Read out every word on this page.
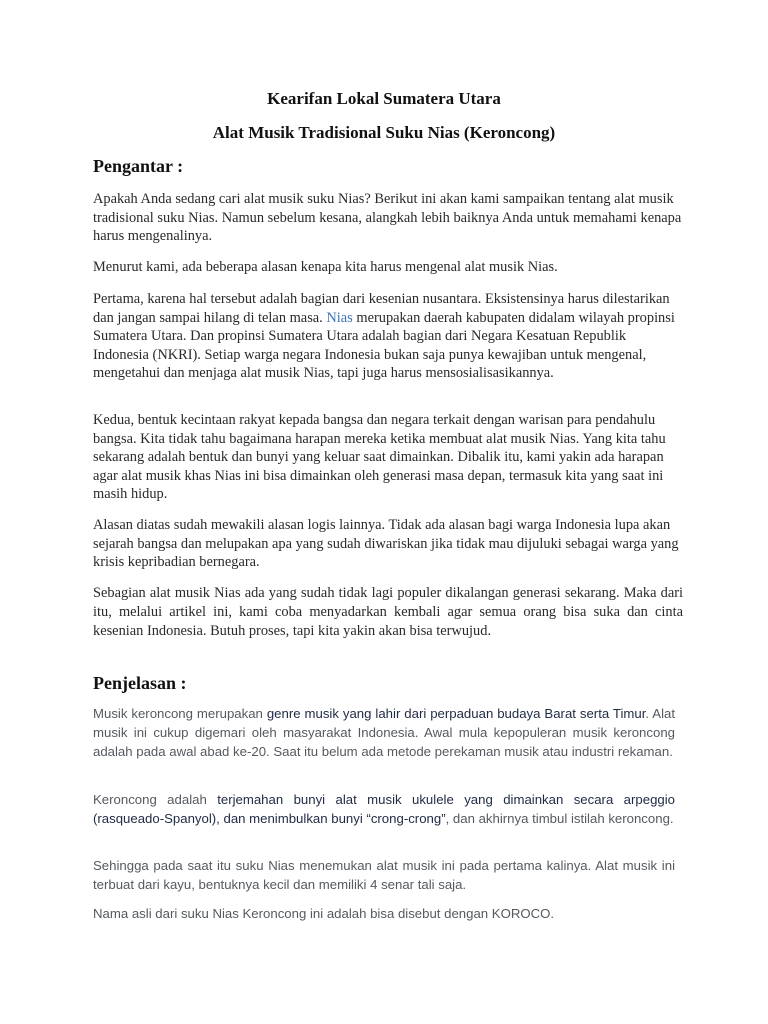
Kearifan Lokal Sumatera Utara
Alat Musik Tradisional Suku Nias (Keroncong)
Pengantar :

Apakah Anda sedang cari alat musik suku Nias? Berikut ini akan kami sampaikan tentang alat musik tradisional suku Nias. Namun sebelum kesana, alangkah lebih baiknya Anda untuk memahami kenapa harus mengenalinya.

Menurut kami, ada beberapa alasan kenapa kita harus mengenal alat musik Nias.

Pertama, karena hal tersebut adalah bagian dari kesenian nusantara. Eksistensinya harus dilestarikan dan jangan sampai hilang di telan masa. Nias merupakan daerah kabupaten didalam wilayah propinsi Sumatera Utara. Dan propinsi Sumatera Utara adalah bagian dari Negara Kesatuan Republik Indonesia (NKRI). Setiap warga negara Indonesia bukan saja punya kewajiban untuk mengenal, mengetahui dan menjaga alat musik Nias, tapi juga harus mensosialisasikannya.

Kedua, bentuk kecintaan rakyat kepada bangsa dan negara terkait dengan warisan para pendahulu bangsa. Kita tidak tahu bagaimana harapan mereka ketika membuat alat musik Nias. Yang kita tahu sekarang adalah bentuk dan bunyi yang keluar saat dimainkan. Dibalik itu, kami yakin ada harapan agar alat musik khas Nias ini bisa dimainkan oleh generasi masa depan, termasuk kita yang saat ini masih hidup.

Alasan diatas sudah mewakili alasan logis lainnya. Tidak ada alasan bagi warga Indonesia lupa akan sejarah bangsa dan melupakan apa yang sudah diwariskan jika tidak mau dijuluki sebagai warga yang krisis kepribadian bernegara.

Sebagian alat musik Nias ada yang sudah tidak lagi populer dikalangan generasi sekarang. Maka dari itu, melalui artikel ini, kami coba menyadarkan kembali agar semua orang bisa suka dan cinta kesenian Indonesia. Butuh proses, tapi kita yakin akan bisa terwujud.

Penjelasan :

Musik keroncong merupakan genre musik yang lahir dari perpaduan budaya Barat serta Timur. Alat musik ini cukup digemari oleh masyarakat Indonesia. Awal mula kepopuleran musik keroncong adalah pada awal abad ke-20. Saat itu belum ada metode perekaman musik atau industri rekaman.

Keroncong adalah terjemahan bunyi alat musik ukulele yang dimainkan secara arpeggio (rasqueado-Spanyol), dan menimbulkan bunyi “crong-crong”, dan akhirnya timbul istilah keroncong.

Sehingga pada saat itu suku Nias menemukan alat musik ini pada pertama kalinya. Alat musik ini terbuat dari kayu, bentuknya kecil dan memiliki 4 senar tali saja.

Nama asli dari suku Nias Keroncong ini adalah bisa disebut dengan KOROCO.
